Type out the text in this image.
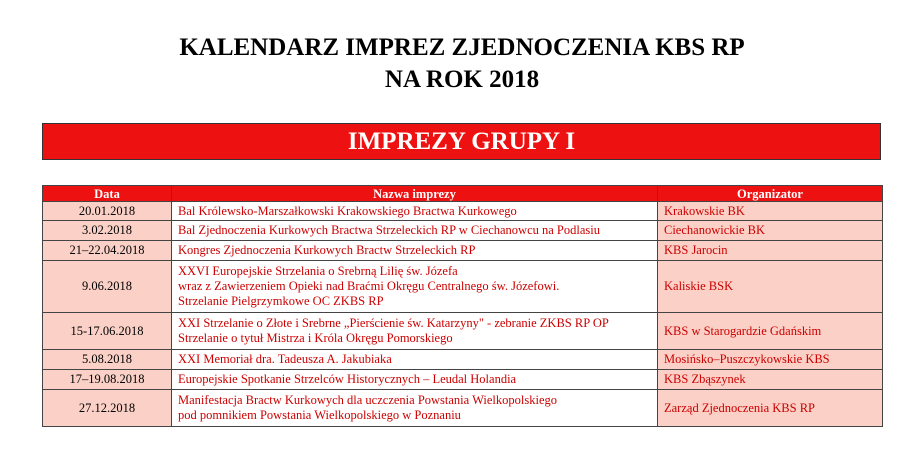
KALENDARZ IMPREZ ZJEDNOCZENIA KBS RP
NA ROK 2018
IMPREZY GRUPY I
Data	Nazwa imprezy	Organizator
20.01.2018	Bal Królewsko-Marszałkowski Krakowskiego Bractwa Kurkowego	Krakowskie BK
3.02.2018	Bal Zjednoczenia Kurkowych Bractwa Strzeleckich RP w Ciechanowcu na Podlasiu	Ciechanowickie BK
21–22.04.2018	Kongres Zjednoczenia Kurkowych Bractw Strzeleckich RP	KBS Jarocin
9.06.2018	XXVI Europejskie Strzelania o Srebrną Lilię św. Józefa
wraz z Zawierzeniem Opieki nad Braćmi Okręgu Centralnego św. Józefowi.
Strzelanie Pielgrzymkowe OC ZKBS RP	Kaliskie BSK
15-17.06.2018	XXI Strzelanie o Złote i Srebrne „Pierścienie św. Katarzyny" - zebranie ZKBS RP OP
Strzelanie o tytuł Mistrza i Króla Okręgu Pomorskiego	KBS w Starogardzie Gdańskim
5.08.2018	XXI Memoriał dra. Tadeusza A. Jakubiaka	Mosińsko–Puszczykowskie KBS
17–19.08.2018	Europejskie Spotkanie Strzelców Historycznych – Leudal Holandia	KBS Zbąszynek
27.12.2018	Manifestacja Bractw Kurkowych dla uczczenia Powstania Wielkopolskiego
pod pomnikiem Powstania Wielkopolskiego w Poznaniu	Zarząd Zjednoczenia KBS RP
